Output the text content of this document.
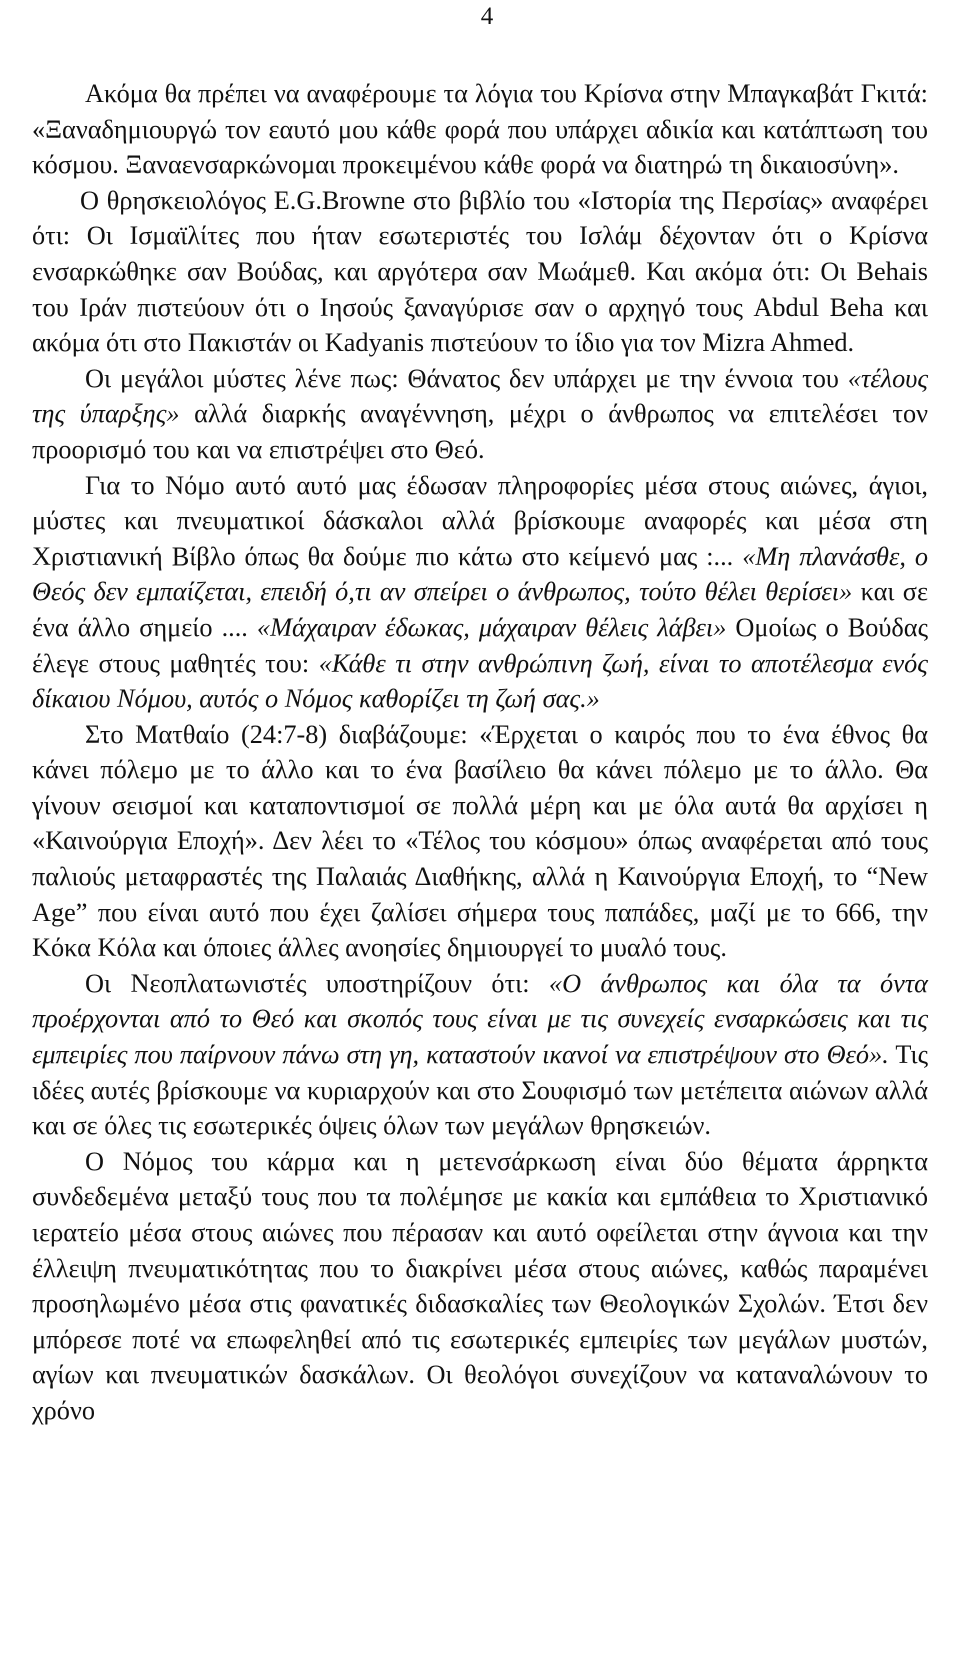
4

Ακόμα θα πρέπει να αναφέρουμε τα λόγια του Κρίσνα στην Μπαγκαβάτ Γκιτά: «Ξαναδημιουργώ τον εαυτό μου κάθε φορά που υπάρχει αδικία και κατάπτωση του κόσμου. Ξαναενσαρκώνομαι προκειμένου κάθε φορά να διατηρώ τη δικαιοσύνη».

Ο θρησκειολόγος E.G.Browne στο βιβλίο του «Ιστορία της Περσίας» αναφέρει ότι: Οι Ισμαϊλίτες που ήταν εσωτεριστές του Ισλάμ δέχονταν ότι ο Κρίσνα ενσαρκώθηκε σαν Βούδας, και αργότερα σαν Μωάμεθ. Και ακόμα ότι: Οι Behais του Ιράν πιστεύουν ότι ο Ιησούς ξαναγύρισε σαν ο αρχηγό τους Abdul Beha και ακόμα ότι στο Πακιστάν οι Kadyanis πιστεύουν το ίδιο για τον Mizra Ahmed.

Οι μεγάλοι μύστες λένε πως: Θάνατος δεν υπάρχει με την έννοια του «τέλους της ύπαρξης» αλλά διαρκής αναγέννηση, μέχρι ο άνθρωπος να επιτελέσει τον προορισμό του και να επιστρέψει στο Θεό.

Για το Νόμο αυτό αυτό μας έδωσαν πληροφορίες μέσα στους αιώνες, άγιοι, μύστες και πνευματικοί δάσκαλοι αλλά βρίσκουμε αναφορές και μέσα στη Χριστιανική Βίβλο όπως θα δούμε πιο κάτω στο κείμενό μας :... «Μη πλανάσθε, ο Θεός δεν εμπαίζεται, επειδή ό,τι αν σπείρει ο άνθρωπος, τούτο θέλει θερίσει» και σε ένα άλλο σημείο .... «Μάχαιραν έδωκας, μάχαιραν θέλεις λάβει» Ομοίως ο Βούδας έλεγε στους μαθητές του: «Κάθε τι στην ανθρώπινη ζωή, είναι το αποτέλεσμα ενός δίκαιου Νόμου, αυτός ο Νόμος καθορίζει τη ζωή σας.»

Στο Ματθαίο (24:7-8) διαβάζουμε: «Έρχεται ο καιρός που το ένα έθνος θα κάνει πόλεμο με το άλλο και το ένα βασίλειο θα κάνει πόλεμο με το άλλο. Θα γίνουν σεισμοί και καταποντισμοί σε πολλά μέρη και με όλα αυτά θα αρχίσει η «Καινούργια Εποχή». Δεν λέει το «Τέλος του κόσμου» όπως αναφέρεται από τους παλιούς μεταφραστές της Παλαιάς Διαθήκης, αλλά η Καινούργια Εποχή, το “New Age” που είναι αυτό που έχει ζαλίσει σήμερα τους παπάδες, μαζί με το 666, την Κόκα Κόλα και όποιες άλλες ανοησίες δημιουργεί το μυαλό τους.

Οι Νεοπλατωνιστές υποστηρίζουν ότι: «Ο άνθρωπος και όλα τα όντα προέρχονται από το Θεό και σκοπός τους είναι με τις συνεχείς ενσαρκώσεις και τις εμπειρίες που παίρνουν πάνω στη γη, καταστούν ικανοί να επιστρέψουν στο Θεό». Τις ιδέες αυτές βρίσκουμε να κυριαρχούν και στο Σουφισμό των μετέπειτα αιώνων αλλά και σε όλες τις εσωτερικές όψεις όλων των μεγάλων θρησκειών.

Ο Νόμος του κάρμα και η μετενσάρκωση είναι δύο θέματα άρρηκτα συνδεδεμένα μεταξύ τους που τα πολέμησε με κακία και εμπάθεια το Χριστιανικό ιερατείο μέσα στους αιώνες που πέρασαν και αυτό οφείλεται στην άγνοια και την έλλειψη πνευματικότητας που το διακρίνει μέσα στους αιώνες, καθώς παραμένει προσηλωμένο μέσα στις φανατικές διδασκαλίες των Θεολογικών Σχολών. Έτσι δεν μπόρεσε ποτέ να επωφεληθεί από τις εσωτερικές εμπειρίες των μεγάλων μυστών, αγίων και πνευματικών δασκάλων. Οι θεολόγοι συνεχίζουν να καταναλώνουν το χρόνο
